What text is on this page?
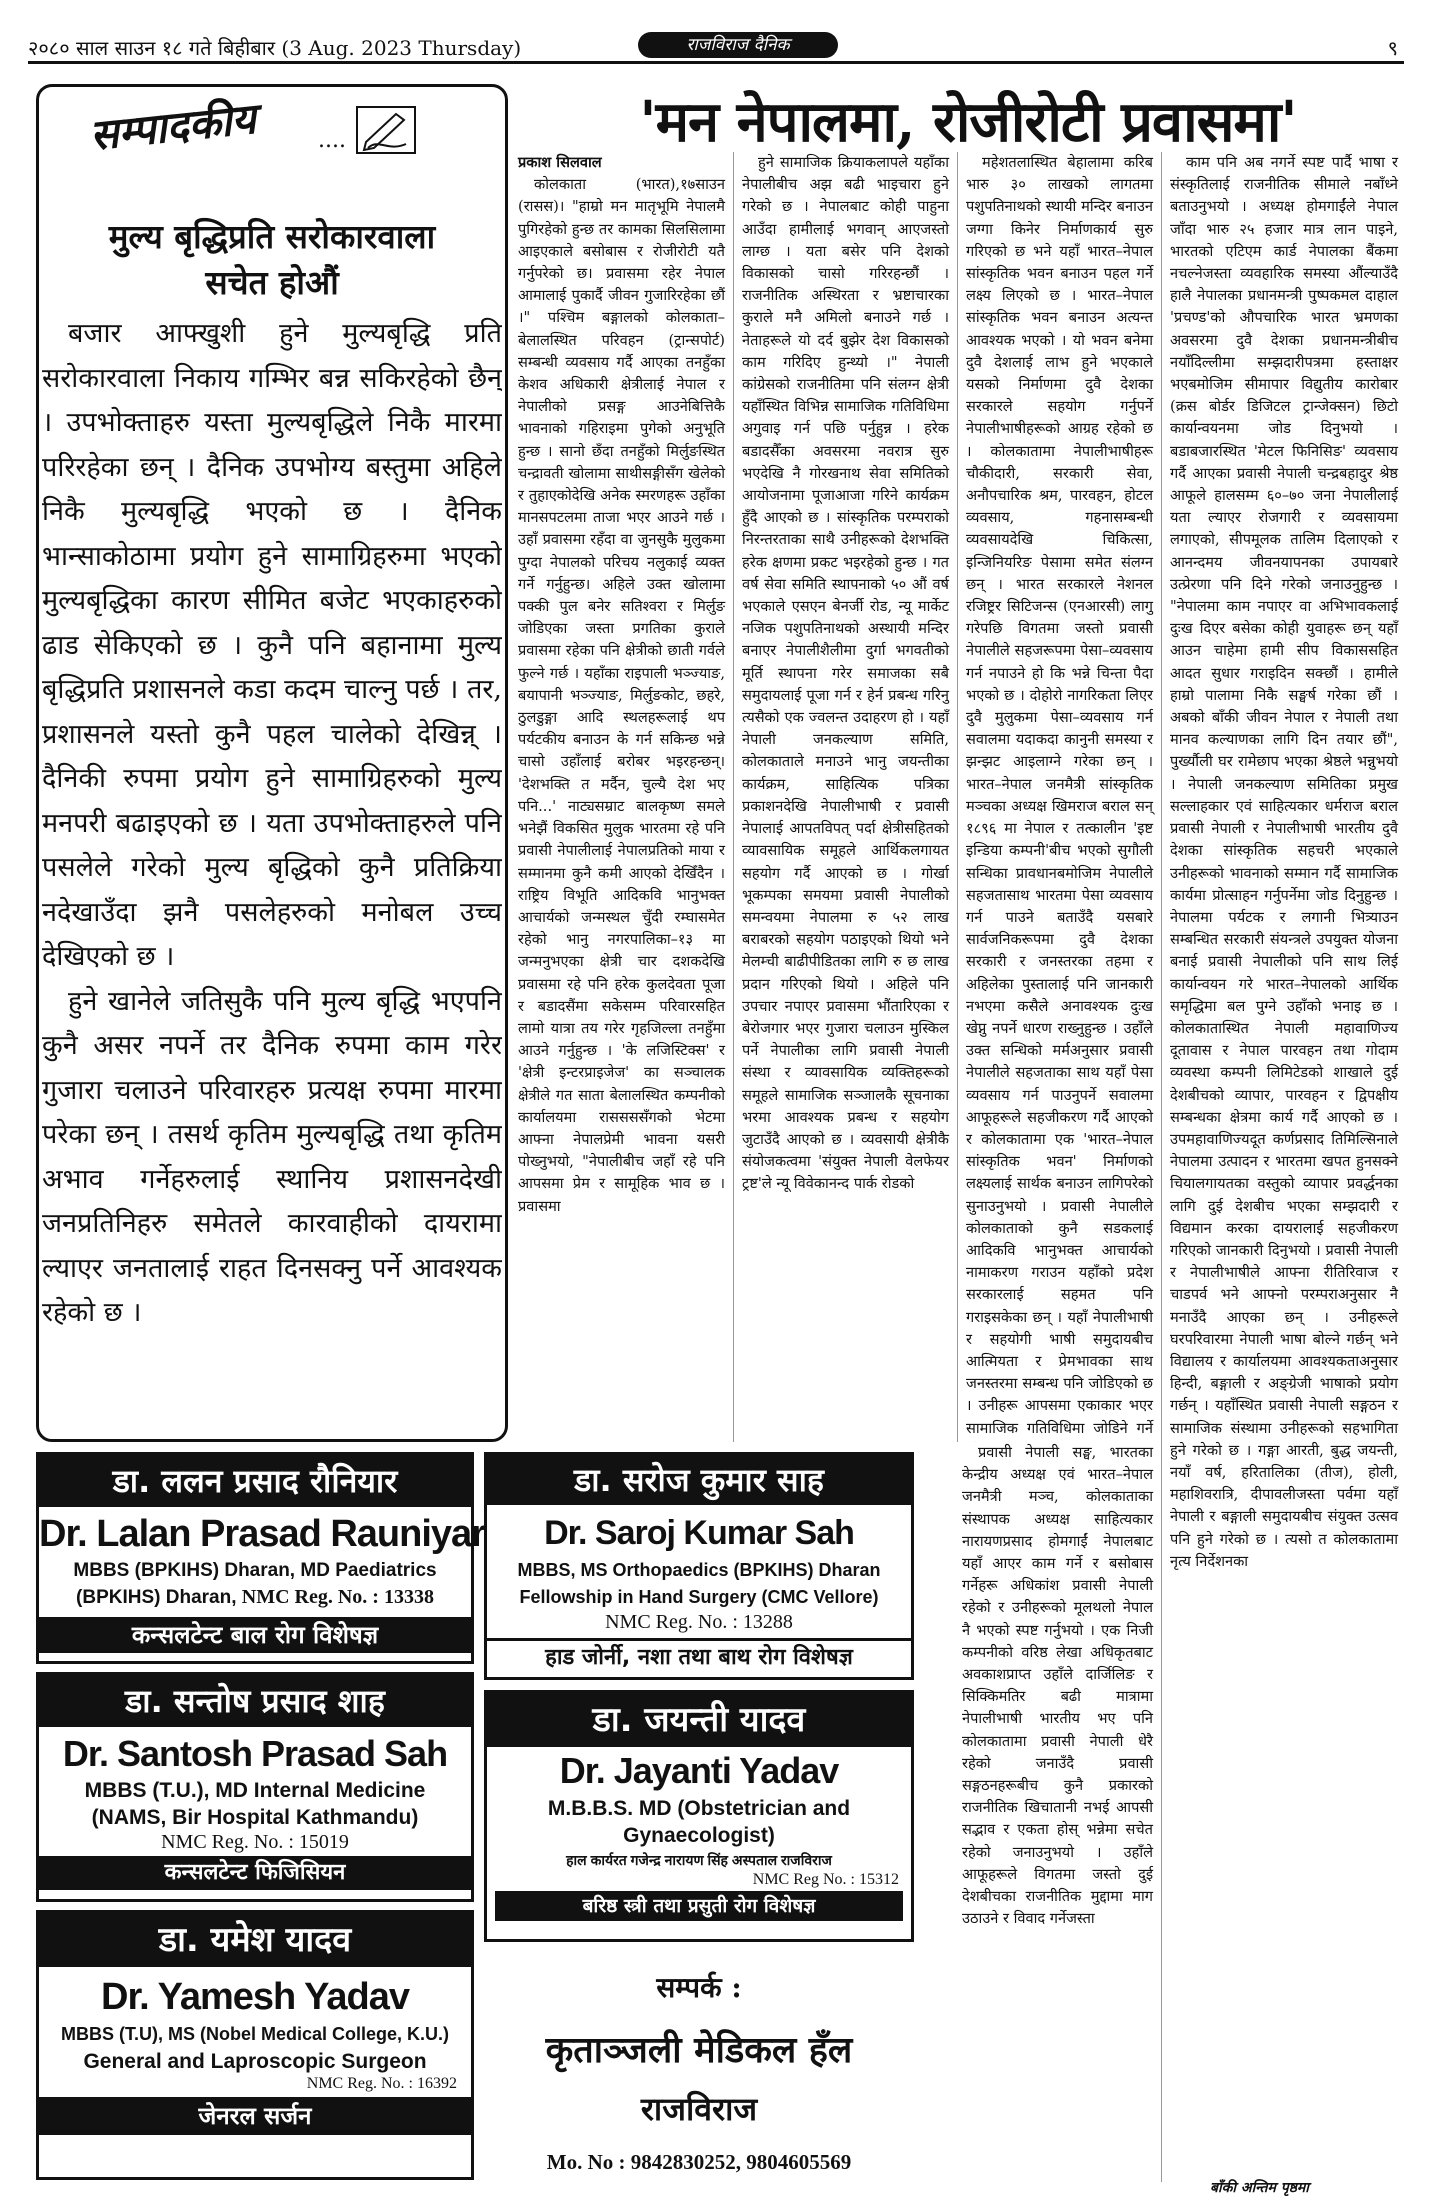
२०८० साल साउन १८ गते बिहीबार (3 Aug. 2023 Thursday)	राजविराज दैनिक	९
सम्पादकीय	....
मुल्य बृद्धिप्रति सरोकारवाला
सचेत होऔं

बजार आफ्खुशी हुने मुल्यबृद्धि प्रति सरोकारवाला निकाय गम्भिर बन्न सकिरहेको छैन् । उपभोक्ताहरु यस्ता मुल्यबृद्धिले निकै मारमा परिरहेका छन् । दैनिक उपभोग्य बस्तुमा अहिले निकै मुल्यबृद्धि भएको छ । दैनिक भान्साकोठामा प्रयोग हुने सामाग्रिहरुमा भएको मुल्यबृद्धिका कारण सीमित बजेट भएकाहरुको ढाड सेकिएको छ । कुनै पनि बहानामा मुल्य बृद्धिप्रति प्रशासनले कडा कदम चाल्नु पर्छ । तर, प्रशासनले यस्तो कुनै पहल चालेको देखिन्न् । दैनिकी रुपमा प्रयोग हुने सामाग्रिहरुको मुल्य मनपरी बढाइएको छ । यता उपभोक्ताहरुले पनि पसलेले गरेको मुल्य बृद्धिको कुनै प्रतिक्रिया नदेखाउँदा झनै पसलेहरुको मनोबल उच्च देखिएको छ ।

हुने खानेले जतिसुकै पनि मुल्य बृद्धि भएपनि कुनै असर नपर्ने तर दैनिक रुपमा काम गरेर गुजारा चलाउने परिवारहरु प्रत्यक्ष रुपमा मारमा परेका छन् । तसर्थ कृतिम मुल्यबृद्धि तथा कृतिम अभाव गर्नेहरुलाई स्थानिय प्रशासनदेखी जनप्रतिनिहरु समेतले कारवाहीको दायरामा ल्याएर जनतालाई राहत दिनसक्नु पर्ने आवश्यक रहेको छ ।

'मन नेपालमा, रोजीरोटी प्रवासमा'

प्रकाश सिलवाल

कोलकाता (भारत),१७साउन (रासस)। "हाम्रो मन मातृभूमि नेपालमै पुगिरहेको हुन्छ तर कामका सिलसिलामा आइएकाले बसोबास र रोजीरोटी यतै गर्नुपरेको छ। प्रवासमा रहेर नेपाल आमालाई पुकार्दै जीवन गुजारिरहेका छौं ।" पश्चिम बङ्गालको कोलकाता–बेलालस्थित परिवहन (ट्रान्सपोर्ट) सम्बन्धी व्यवसाय गर्दै आएका तनहुँका केशव अधिकारी क्षेत्रीलाई नेपाल र नेपालीको प्रसङ्ग आउनेबित्तिकै भावनाको गहिराइमा पुगेको अनुभूति हुन्छ । सानो छँदा तनहुँको मिर्लुङस्थित चन्द्रावती खोलामा साथीसङ्गीसँग खेलेको र तुहाएकोदेखि अनेक स्मरणहरू उहाँका मानसपटलमा ताजा भएर आउने गर्छ । उहाँ प्रवासमा रहँदा वा जुनसुकै मुलुकमा पुग्दा नेपालको परिचय नलुकाई व्यक्त गर्ने गर्नुहुन्छ। अहिले उक्त खोलामा पक्की पुल बनेर सतिश्वरा र मिर्लुङ जोडिएका जस्ता प्रगतिका कुराले प्रवासमा रहेका पनि क्षेत्रीको छाती गर्वले फुल्ने गर्छ । यहाँका राइपाली भञ्ज्याङ, बयापानी भञ्ज्याङ, मिर्लुङकोट, छहरे, ठुलडुङ्गा आदि स्थलहरूलाई थप पर्यटकीय बनाउन के गर्न सकिन्छ भन्ने चासो उहाँलाई बरोबर भइरहन्छन्। 'देशभक्ति त मर्दैन, चुल्यै देश भए पनि...' नाट्यसम्राट बालकृष्ण समले भनेझैं विकसित मुलुक भारतमा रहे पनि प्रवासी नेपालीलाई नेपालप्रतिको माया र सम्मानमा कुनै कमी आएको देखिँदैन । राष्ट्रिय विभूति आदिकवि भानुभक्त आचार्यको जन्मस्थल चुँदी रम्घासमेत रहेको भानु नगरपालिका–१३ मा जन्मनुभएका क्षेत्री चार दशकदेखि प्रवासमा रहे पनि हरेक कुलदेवता पूजा र बडादसैंमा सकेसम्म परिवारसहित लामो यात्रा तय गरेर गृहजिल्ला तनहुँमा आउने गर्नुहुन्छ । 'के लजिस्टिक्स' र 'क्षेत्री इन्टरप्राइजेज' का सञ्चालक क्षेत्रीले गत साता बेलालस्थित कम्पनीको कार्यालयमा राससससँगको भेटमा आफ्ना नेपालप्रेमी भावना यसरी पोख्नुभयो, "नेपालीबीच जहाँ रहे पनि आपसमा प्रेम र सामूहिक भाव छ । प्रवासमा

हुने सामाजिक क्रियाकलापले यहाँका नेपालीबीच अझ बढी भाइचारा हुने गरेको छ । नेपालबाट कोही पाहुना आउँदा हामीलाई भगवान् आएजस्तो लाग्छ । यता बसेर पनि देशको विकासको चासो गरिरहन्छौं । राजनीतिक अस्थिरता र भ्रष्टाचारका कुराले मनै अमिलो बनाउने गर्छ । नेताहरूले यो दर्द बुझेर देश विकासको काम गरिदिए हुन्थ्यो ।" नेपाली कांग्रेसको राजनीतिमा पनि संलग्न क्षेत्री यहाँस्थित विभिन्न सामाजिक गतिविधिमा अगुवाइ गर्न पछि पर्नुहुन्न । हरेक बडादसैँका अवसरमा नवरात्र सुरु भएदेखि नै गोरखनाथ सेवा समितिको आयोजनामा पूजाआजा गरिने कार्यक्रम हुँदै आएको छ । सांस्कृतिक परम्पराको निरन्तरताका साथै उनीहरूको देशभक्ति हरेक क्षणमा प्रकट भइरहेको हुन्छ । गत वर्ष सेवा समिति स्थापनाको ५० औं वर्ष भएकाले एसएन बेनर्जी रोड, न्यू मार्केट नजिक पशुपतिनाथको अस्थायी मन्दिर बनाएर नेपालीशैलीमा दुर्गा भगवतीको मूर्ति स्थापना गरेर समाजका सबै समुदायलाई पूजा गर्न र हेर्न प्रबन्ध गरिनु त्यसैको एक ज्वलन्त उदाहरण हो । यहाँ नेपाली जनकल्याण समिति, कोलकाताले मनाउने भानु जयन्तीका कार्यक्रम, साहित्यिक पत्रिका प्रकाशनदेखि नेपालीभाषी र प्रवासी नेपालाई आपतविपत् पर्दा क्षेत्रीसहितको व्यावसायिक समूहले आर्थिकलगायत सहयोग गर्दै आएको छ । गोर्खा भूकम्पका समयमा प्रवासी नेपालीको समन्वयमा नेपालमा रु ५२ लाख बराबरको सहयोग पठाइएको थियो भने मेलम्ची बाढीपीडितका लागि रु छ लाख प्रदान गरिएको थियो । अहिले पनि उपचार नपाएर प्रवासमा भौंतारिएका र बेरोजगार भएर गुजारा चलाउन मुस्किल पर्ने नेपालीका लागि प्रवासी नेपाली संस्था र व्यावसायिक व्यक्तिहरूको समूहले सामाजिक सञ्जालकै सूचनाका भरमा आवश्यक प्रबन्ध र सहयोग जुटाउँदै आएको छ । व्यवसायी क्षेत्रीकै संयोजकत्वमा 'संयुक्त नेपाली वेलफेयर ट्रष्ट'ले न्यू विवेकानन्द पार्क रोडको

महेशतलास्थित बेहालामा करिब भारु ३० लाखको लागतमा पशुपतिनाथको स्थायी मन्दिर बनाउन जग्गा किनेर निर्माणकार्य सुरु गरिएको छ भने यहाँ भारत–नेपाल सांस्कृतिक भवन बनाउन पहल गर्ने लक्ष्य लिएको छ । भारत–नेपाल सांस्कृतिक भवन बनाउन अत्यन्त आवश्यक भएको । यो भवन बनेमा दुवै देशलाई लाभ हुने भएकाले यसको निर्माणमा दुवै देशका सरकारले सहयोग गर्नुपर्ने नेपालीभाषीहरूको आग्रह रहेको छ । कोलकातामा नेपालीभाषीहरू चौकीदारी, सरकारी सेवा, अनौपचारिक श्रम, पारवहन, होटल व्यवसाय, गहनासम्बन्धी व्यवसायदेखि चिकित्सा, इन्जिनियरिङ पेसामा समेत संलग्न छन् । भारत सरकारले नेशनल रजिष्ट्रर सिटिजन्स (एनआरसी) लागु गरेपछि विगतमा जस्तो प्रवासी नेपालीले सहजरूपमा पेसा–व्यवसाय गर्न नपाउने हो कि भन्ने चिन्ता पैदा भएको छ । दोहोरो नागरिकता लिएर दुवै मुलुकमा पेसा–व्यवसाय गर्न सवालमा यदाकदा कानुनी समस्या र झन्झट आइलाग्ने गरेका छन् । भारत–नेपाल जनमैत्री सांस्कृतिक मञ्चका अध्यक्ष खिमराज बराल सन् १८९६ मा नेपाल र तत्कालीन 'इष्ट इन्डिया कम्पनी'बीच भएको सुगौली सन्धिका प्रावधानबमोजिम नेपालीले सहजतासाथ भारतमा पेसा व्यवसाय गर्न पाउने बताउँदै यसबारे सार्वजनिकरूपमा दुवै देशका सरकारी र जनस्तरका तहमा र अहिलेका पुस्तालाई पनि जानकारी नभएमा कसैले अनावश्यक दुःख खेप्नु नपर्ने धारण राख्नुहुन्छ । उहाँले उक्त सन्धिको मर्मअनुसार प्रवासी नेपालीले सहजताका साथ यहाँ पेसा व्यवसाय गर्न पाउनुपर्ने सवालमा आफूहरूले सहजीकरण गर्दै आएको र कोलकातामा एक 'भारत–नेपाल सांस्कृतिक भवन' निर्माणको लक्ष्यलाई सार्थक बनाउन लागिपरेको सुनाउनुभयो । प्रवासी नेपालीले कोलकाताको कुनै सडकलाई आदिकवि भानुभक्त आचार्यको नामाकरण गराउन यहाँको प्रदेश सरकारलाई सहमत पनि गराइसकेका छन् । यहाँ नेपालीभाषी र सहयोगी भाषी समुदायबीच आत्मियता र प्रेमभावका साथ जनस्तरमा सम्बन्ध पनि जोडिएको छ । उनीहरू आपसमा एकाकार भएर सामाजिक गतिविधिमा जोडिने गर्ने

प्रवासी नेपाली सङ्घ, भारतका केन्द्रीय अध्यक्ष एवं भारत–नेपाल जनमैत्री मञ्च, कोलकाताका संस्थापक अध्यक्ष साहित्यकार नारायणप्रसाद होमगाईं नेपालबाट यहाँ आएर काम गर्ने र बसोबास गर्नेहरू अधिकांश प्रवासी नेपाली रहेको र उनीहरूको मूलथलो नेपाल नै भएको स्पष्ट गर्नुभयो । एक निजी कम्पनीको वरिष्ठ लेखा अधिकृतबाट अवकाशप्राप्त उहाँले दार्जिलिङ र सिक्किमतिर बढी मात्रामा नेपालीभाषी भारतीय भए पनि कोलकातामा प्रवासी नेपाली धेरै रहेको जनाउँदै प्रवासी सङ्गठनहरूबीच कुनै प्रकारको राजनीतिक खिचातानी नभई आपसी सद्भाव र एकता होस् भन्नेमा सचेत रहेको जनाउनुभयो । उहाँले आफूहरूले विगतमा जस्तो दुई देशबीचका राजनीतिक मुद्दामा माग उठाउने र विवाद गर्नेजस्ता

काम पनि अब नगर्ने स्पष्ट पार्दै भाषा र संस्कृतिलाई राजनीतिक सीमाले नबाँध्ने बताउनुभयो । अध्यक्ष होमगाईंले नेपाल जाँदा भारु २५ हजार मात्र लान पाइने, भारतको एटिएम कार्ड नेपालका बैंकमा नचल्नेजस्ता व्यवहारिक समस्या औंल्याउँदै हालै नेपालका प्रधानमन्त्री पुष्पकमल दाहाल 'प्रचण्ड'को औपचारिक भारत भ्रमणका अवसरमा दुवै देशका प्रधानमन्त्रीबीच नयाँदिल्लीमा सम्झदारीपत्रमा हस्ताक्षर भएबमोजिम सीमापार विद्युतीय कारोबार (क्रस बोर्डर डिजिटल ट्रान्जेक्सन) छिटो कार्यान्वयनमा जोड दिनुभयो । बडाबजारस्थित 'मेटल फिनिसिङ' व्यवसाय गर्दै आएका प्रवासी नेपाली चन्द्रबहादुर श्रेष्ठ आफूले हालसम्म ६०–७० जना नेपालीलाई यता ल्याएर रोजगारी र व्यवसायमा लगाएको, सीपमूलक तालिम दिलाएको र आनन्दमय जीवनयापनका उपायबारे उत्प्रेरणा पनि दिने गरेको जनाउनुहुन्छ । "नेपालमा काम नपाएर वा अभिभावकलाई दुःख दिएर बसेका कोही युवाहरू छन् यहाँ आउन चाहेमा हामी सीप विकाससहित आदत सुधार गराइदिन सक्छौं । हामीले हाम्रो पालामा निकै सङ्घर्ष गरेका छौं । अबको बाँकी जीवन नेपाल र नेपाली तथा मानव कल्याणका लागि दिन तयार छौं", पुर्ख्यौली घर रामेछाप भएका श्रेष्ठले भन्नुभयो । नेपाली जनकल्याण समितिका प्रमुख सल्लाहकार एवं साहित्यकार धर्मराज बराल प्रवासी नेपाली र नेपालीभाषी भारतीय दुवै देशका सांस्कृतिक सहचरी भएकाले उनीहरूको भावनाको सम्मान गर्दै सामाजिक कार्यमा प्रोत्साहन गर्नुपर्नेमा जोड दिनुहुन्छ । नेपालमा पर्यटक र लगानी भित्र्याउन सम्बन्धित सरकारी संयन्त्रले उपयुक्त योजना बनाई प्रवासी नेपालीको पनि साथ लिई कार्यान्वयन गरे भारत–नेपालको आर्थिक समृद्धिमा बल पुग्ने उहाँको भनाइ छ । कोलकातास्थित नेपाली महावाणिज्य दूतावास र नेपाल पारवहन तथा गोदाम व्यवस्था कम्पनी लिमिटेडको शाखाले दुई देशबीचको व्यापार, पारवहन र द्विपक्षीय सम्बन्धका क्षेत्रमा कार्य गर्दै आएको छ । उपमहावाणिज्यदूत कर्णप्रसाद तिमिल्सिनाले नेपालमा उत्पादन र भारतमा खपत हुनसक्ने चियालगायतका वस्तुको व्यापार प्रवर्द्धनका लागि दुई देशबीच भएका सम्झदारी र विद्यमान करका दायरालाई सहजीकरण गरिएको जानकारी दिनुभयो । प्रवासी नेपाली र नेपालीभाषीले आफ्ना रीतिरिवाज र चाडपर्व भने आफ्नो परम्पराअनुसार नै मनाउँदै आएका छन् । उनीहरूले घरपरिवारमा नेपाली भाषा बोल्ने गर्छन् भने विद्यालय र कार्यालयमा आवश्यकताअनुसार हिन्दी, बङ्गाली र अङ्ग्रेजी भाषाको प्रयोग गर्छन् । यहाँस्थित प्रवासी नेपाली सङ्गठन र सामाजिक संस्थामा उनीहरूको सहभागिता हुने गरेको छ । गङ्गा आरती, बुद्ध जयन्ती, नयाँ वर्ष, हरितालिका (तीज), होली, महाशिवरात्रि, दीपावलीजस्ता पर्वमा यहाँ नेपाली र बङ्गाली समुदायबीच संयुक्त उत्सव पनि हुने गरेको छ । त्यसो त कोलकातामा नृत्य निर्देशनका

बाँकी अन्तिम पृष्ठमा
डा. ललन प्रसाद रौनियार
Dr. Lalan Prasad Rauniyar
MBBS (BPKIHS) Dharan, MD Paediatrics
(BPKIHS) Dharan, NMC Reg. No. : 13338
कन्सलटेन्ट बाल रोग विशेषज्ञ
डा. सरोज कुमार साह
Dr. Saroj Kumar Sah
MBBS, MS Orthopaedics (BPKIHS) Dharan
Fellowship in Hand Surgery (CMC Vellore)
NMC Reg. No. : 13288
हाड जोर्नी, नशा तथा बाथ रोग विशेषज्ञ
डा. सन्तोष प्रसाद शाह
Dr. Santosh Prasad Sah
MBBS (T.U.), MD Internal Medicine
(NAMS, Bir Hospital Kathmandu)
NMC Reg. No. : 15019
कन्सलटेन्ट फिजिसियन
डा. जयन्ती यादव
Dr. Jayanti Yadav
M.B.B.S. MD (Obstetrician and
Gynaecologist)
हाल कार्यरत गजेन्द्र नारायण सिंह अस्पताल राजविराज
NMC Reg No. : 15312
बरिष्ठ स्त्री तथा प्रसुती रोग विशेषज्ञ
डा. यमेश यादव
Dr. Yamesh Yadav
MBBS (T.U), MS (Nobel Medical College, K.U.)
General and Laproscopic Surgeon
NMC Reg. No. : 16392
जेनरल सर्जन
सम्पर्क :
कृताञ्जली मेडिकल हँल
राजविराज
Mo. No : 9842830252, 9804605569
